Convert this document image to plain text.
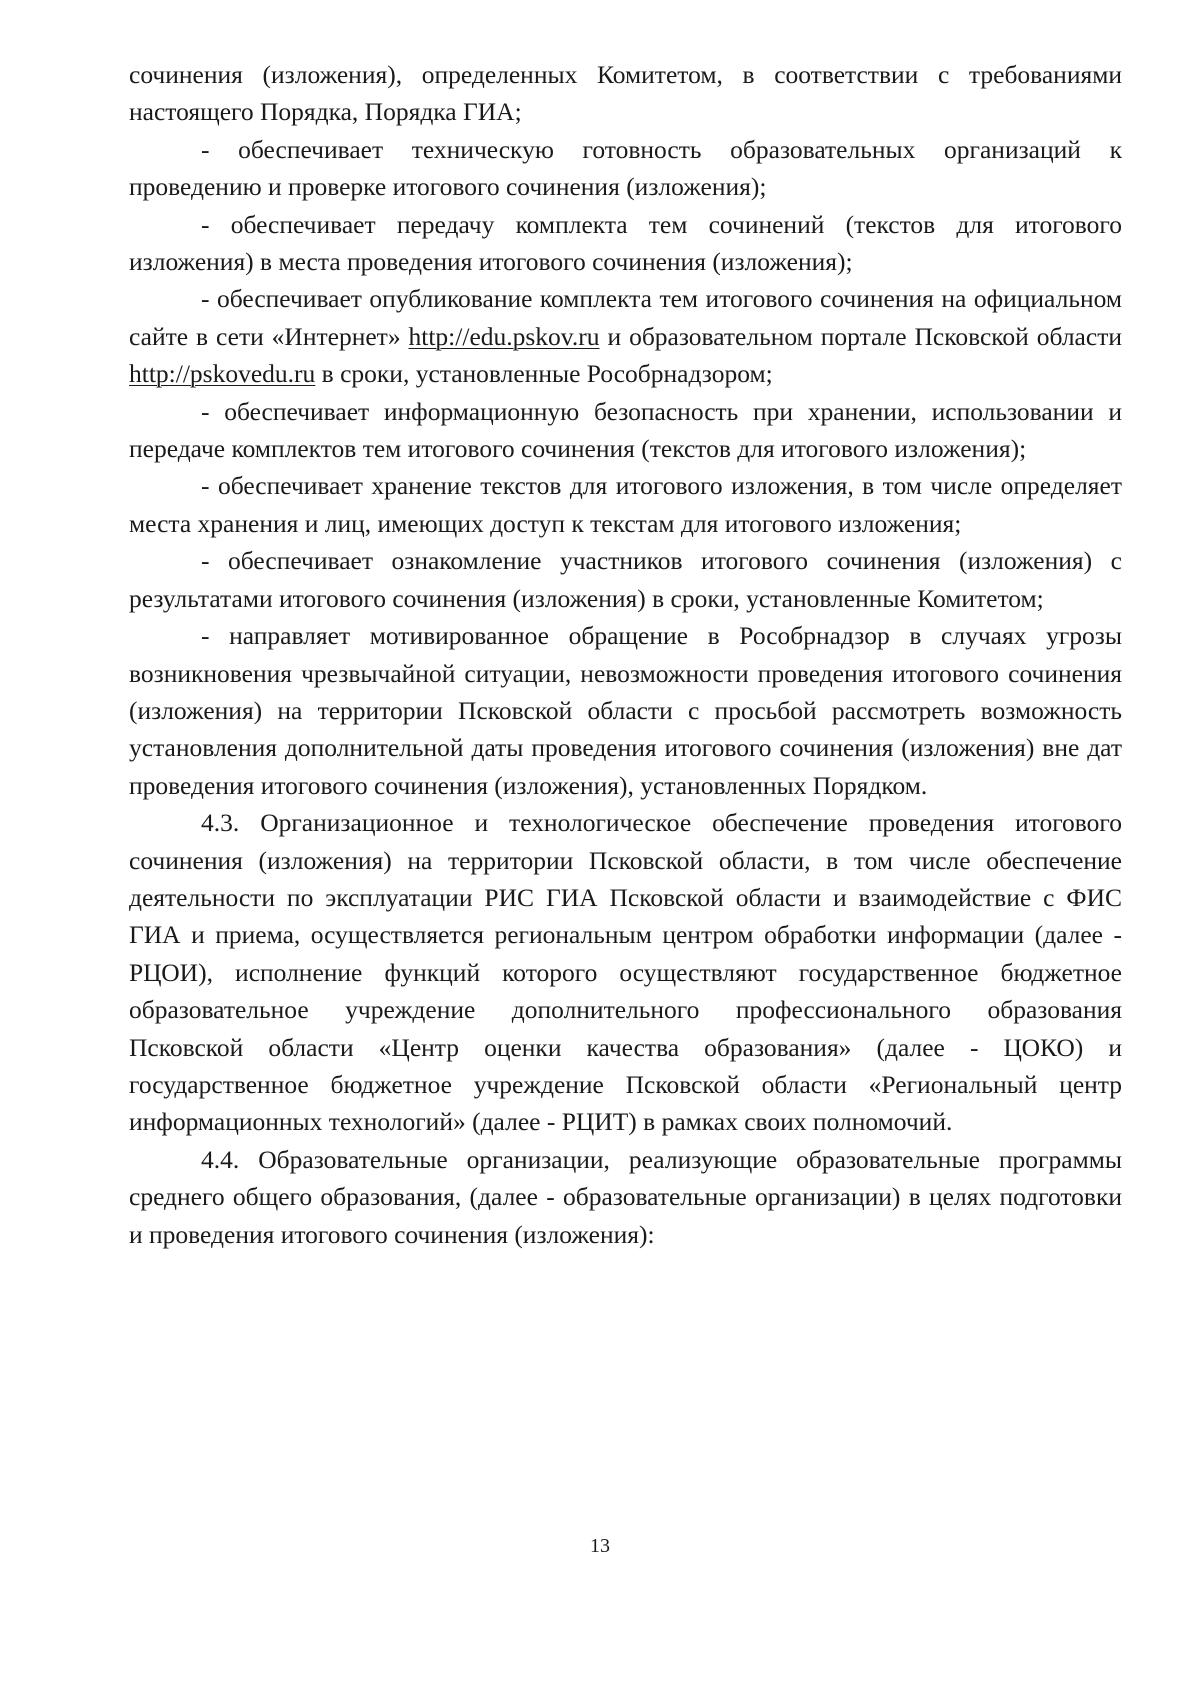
сочинения (изложения), определенных Комитетом, в соответствии с требованиями настоящего Порядка, Порядка ГИА;

- обеспечивает техническую готовность образовательных организаций к проведению и проверке итогового сочинения (изложения);

- обеспечивает передачу комплекта тем сочинений (текстов для итогового изложения) в места проведения итогового сочинения (изложения);

- обеспечивает опубликование комплекта тем итогового сочинения на официальном сайте в сети «Интернет» http://edu.pskov.ru и образовательном портале Псковской области http://pskovedu.ru в сроки, установленные Рособрнадзором;

- обеспечивает информационную безопасность при хранении, использовании и передаче комплектов тем итогового сочинения (текстов для итогового изложения);

- обеспечивает хранение текстов для итогового изложения, в том числе определяет места хранения и лиц, имеющих доступ к текстам для итогового изложения;

- обеспечивает ознакомление участников итогового сочинения (изложения) с результатами итогового сочинения (изложения) в сроки, установленные Комитетом;

- направляет мотивированное обращение в Рособрнадзор в случаях угрозы возникновения чрезвычайной ситуации, невозможности проведения итогового сочинения (изложения) на территории Псковской области с просьбой рассмотреть возможность установления дополнительной даты проведения итогового сочинения (изложения) вне дат проведения итогового сочинения (изложения), установленных Порядком.

4.3. Организационное и технологическое обеспечение проведения итогового сочинения (изложения) на территории Псковской области, в том числе обеспечение деятельности по эксплуатации РИС ГИА Псковской области и взаимодействие с ФИС ГИА и приема, осуществляется региональным центром обработки информации (далее - РЦОИ), исполнение функций которого осуществляют государственное бюджетное образовательное учреждение дополнительного профессионального образования Псковской области «Центр оценки качества образования» (далее - ЦОКО) и государственное бюджетное учреждение Псковской области «Региональный центр информационных технологий» (далее - РЦИТ) в рамках своих полномочий.

4.4. Образовательные организации, реализующие образовательные программы среднего общего образования, (далее - образовательные организации) в целях подготовки и проведения итогового сочинения (изложения):

13
